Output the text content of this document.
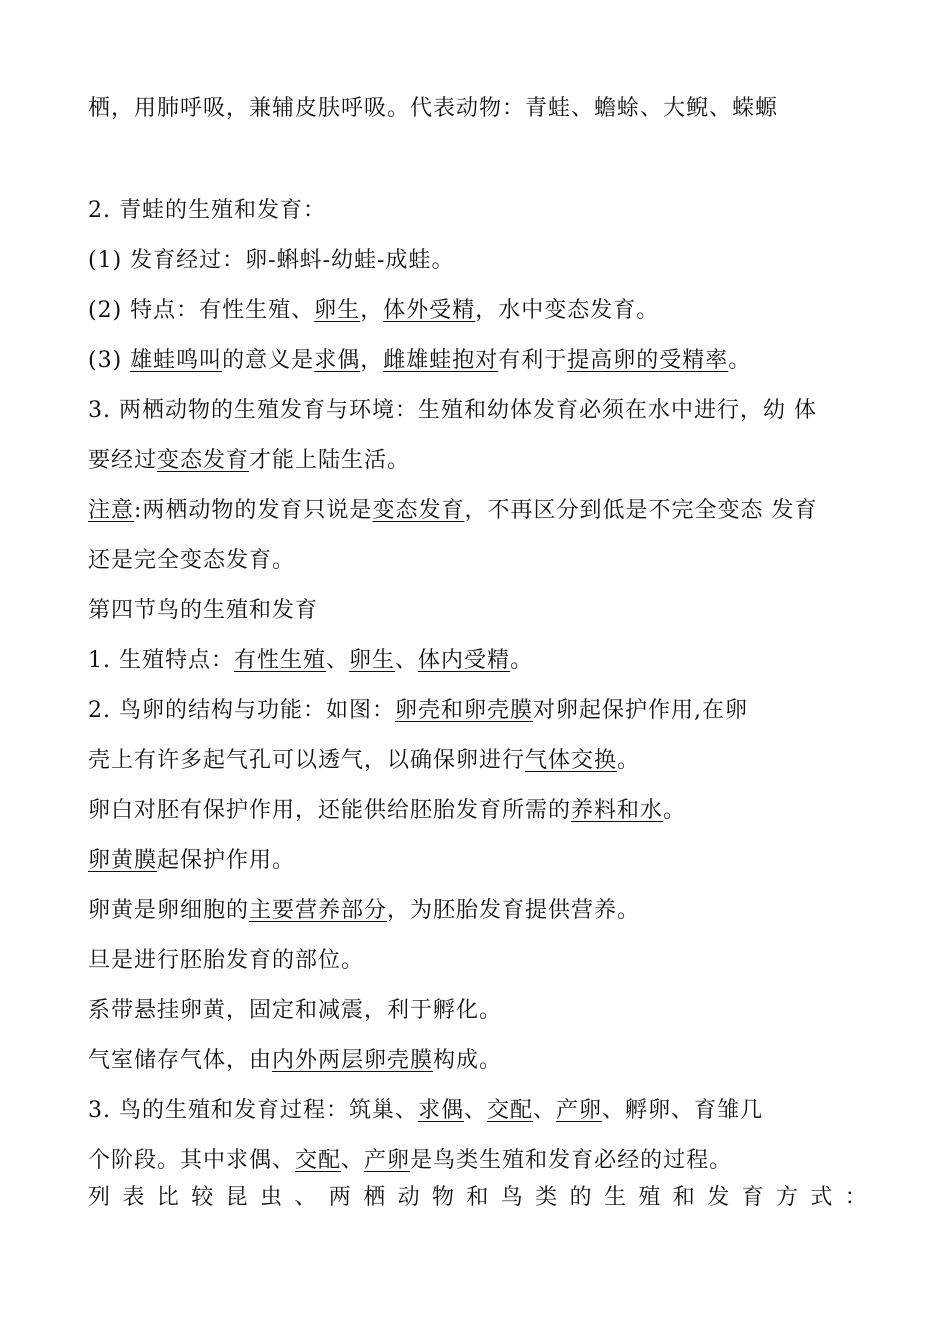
栖，用肺呼吸，兼辅皮肤呼吸。代表动物：青蛙、蟾蜍、大鲵、蝾螈
2. 青蛙的生殖和发育：
(1) 发育经过：卵-蝌蚪-幼蛙-成蛙。
(2) 特点：有性生殖、卵生，体外受精，水中变态发育。
(3) 雄蛙鸣叫的意义是求偶，雌雄蛙抱对有利于提高卵的受精率。
3. 两栖动物的生殖发育与环境：生殖和幼体发育必须在水中进行，幼 体
要经过变态发育才能上陆生活。
注意:两栖动物的发育只说是变态发育，不再区分到低是不完全变态 发育
还是完全变态发育。
第四节鸟的生殖和发育
1. 生殖特点：有性生殖、卵生、体内受精。
2. 鸟卵的结构与功能：如图：卵壳和卵壳膜对卵起保护作用,在卵
壳上有许多起气孔可以透气，以确保卵进行气体交换。
卵白对胚有保护作用，还能供给胚胎发育所需的养料和水。
卵黄膜起保护作用。
卵黄是卵细胞的主要营养部分，为胚胎发育提供营养。
旦是进行胚胎发育的部位。
系带悬挂卵黄，固定和减震，利于孵化。
气室储存气体，由内外两层卵壳膜构成。
3. 鸟的生殖和发育过程：筑巢、求偶、交配、产卵、孵卵、育雏几
个阶段。其中求偶、交配、产卵是鸟类生殖和发育必经的过程。
列表比较昆虫、两栖动物和鸟类的生殖和发育方式：
